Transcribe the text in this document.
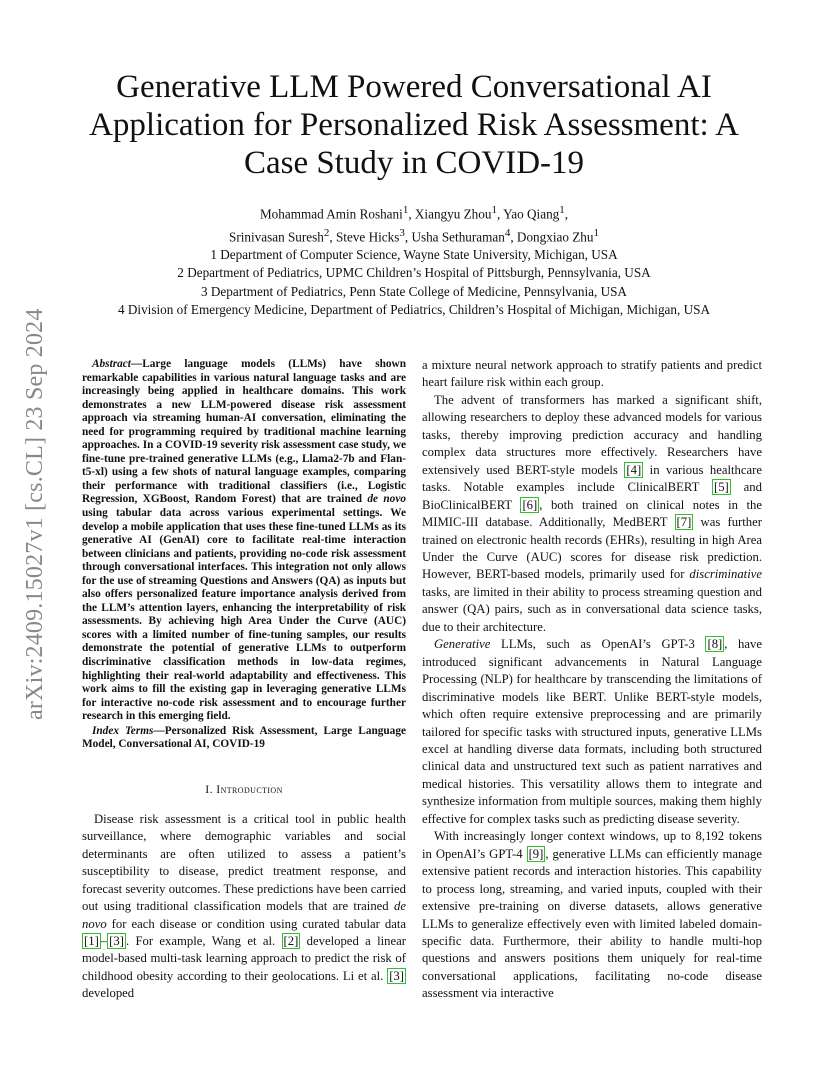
arXiv:2409.15027v1 [cs.CL] 23 Sep 2024
Generative LLM Powered Conversational AI
Application for Personalized Risk Assessment: A
Case Study in COVID-19
Mohammad Amin Roshani$^1$, Xiangyu Zhou$^1$, Yao Qiang$^1$,
Srinivasan Suresh$^2$, Steve Hicks$^3$, Usha Sethuraman$^4$, Dongxiao Zhu$^1$
1 Department of Computer Science, Wayne State University, Michigan, USA
2 Department of Pediatrics, UPMC Children’s Hospital of Pittsburgh, Pennsylvania, USA
3 Department of Pediatrics, Penn State College of Medicine, Pennsylvania, USA
4 Division of Emergency Medicine, Department of Pediatrics, Children’s Hospital of Michigan, Michigan, USA

Abstract—Large language models (LLMs) have shown remarkable capabilities in various natural language tasks and are increasingly being applied in healthcare domains. This work demonstrates a new LLM-powered disease risk assessment approach via streaming human-AI conversation, eliminating the need for programming required by traditional machine learning approaches. In a COVID-19 severity risk assessment case study, we fine-tune pre-trained generative LLMs (e.g., Llama2-7b and Flan-t5-xl) using a few shots of natural language examples, comparing their performance with traditional classifiers (i.e., Logistic Regression, XGBoost, Random Forest) that are trained de novo using tabular data across various experimental settings. We develop a mobile application that uses these fine-tuned LLMs as its generative AI (GenAI) core to facilitate real-time interaction between clinicians and patients, providing no-code risk assessment through conversational interfaces. This integration not only allows for the use of streaming Questions and Answers (QA) as inputs but also offers personalized feature importance analysis derived from the LLM’s attention layers, enhancing the interpretability of risk assessments. By achieving high Area Under the Curve (AUC) scores with a limited number of fine-tuning samples, our results demonstrate the potential of generative LLMs to outperform discriminative classification methods in low-data regimes, highlighting their real-world adaptability and effectiveness. This work aims to fill the existing gap in leveraging generative LLMs for interactive no-code risk assessment and to encourage further research in this emerging field.

Index Terms—Personalized Risk Assessment, Large Language Model, Conversational AI, COVID-19

I. Introduction

Disease risk assessment is a critical tool in public health surveillance, where demographic variables and social determinants are often utilized to assess a patient’s susceptibility to disease, predict treatment response, and forecast severity outcomes. These predictions have been carried out using traditional classification models that are trained de novo for each disease or condition using curated tabular data [1] – [3] . For example, Wang et al. [2] developed a linear model-based multi-task learning approach to predict the risk of childhood obesity according to their geolocations. Li et al. [3] developed

a mixture neural network approach to stratify patients and predict heart failure risk within each group.

The advent of transformers has marked a significant shift, allowing researchers to deploy these advanced models for various tasks, thereby improving prediction accuracy and handling complex data structures more effectively. Researchers have extensively used BERT-style models [4] in various healthcare tasks. Notable examples include ClinicalBERT [5] and BioClinicalBERT [6] , both trained on clinical notes in the MIMIC-III database. Additionally, MedBERT [7] was further trained on electronic health records (EHRs), resulting in high Area Under the Curve (AUC) scores for disease risk prediction. However, BERT-based models, primarily used for discriminative tasks, are limited in their ability to process streaming question and answer (QA) pairs, such as in conversational data science tasks, due to their architecture.

Generative LLMs, such as OpenAI’s GPT-3 [8] , have introduced significant advancements in Natural Language Processing (NLP) for healthcare by transcending the limitations of discriminative models like BERT. Unlike BERT-style models, which often require extensive preprocessing and are primarily tailored for specific tasks with structured inputs, generative LLMs excel at handling diverse data formats, including both structured clinical data and unstructured text such as patient narratives and medical histories. This versatility allows them to integrate and synthesize information from multiple sources, making them highly effective for complex tasks such as predicting disease severity.

With increasingly longer context windows, up to 8,192 tokens in OpenAI’s GPT-4 [9] , generative LLMs can efficiently manage extensive patient records and interaction histories. This capability to process long, streaming, and varied inputs, coupled with their extensive pre-training on diverse datasets, allows generative LLMs to generalize effectively even with limited labeled domain-specific data. Furthermore, their ability to handle multi-hop questions and answers positions them uniquely for real-time conversational applications, facilitating no-code disease assessment via interactive
